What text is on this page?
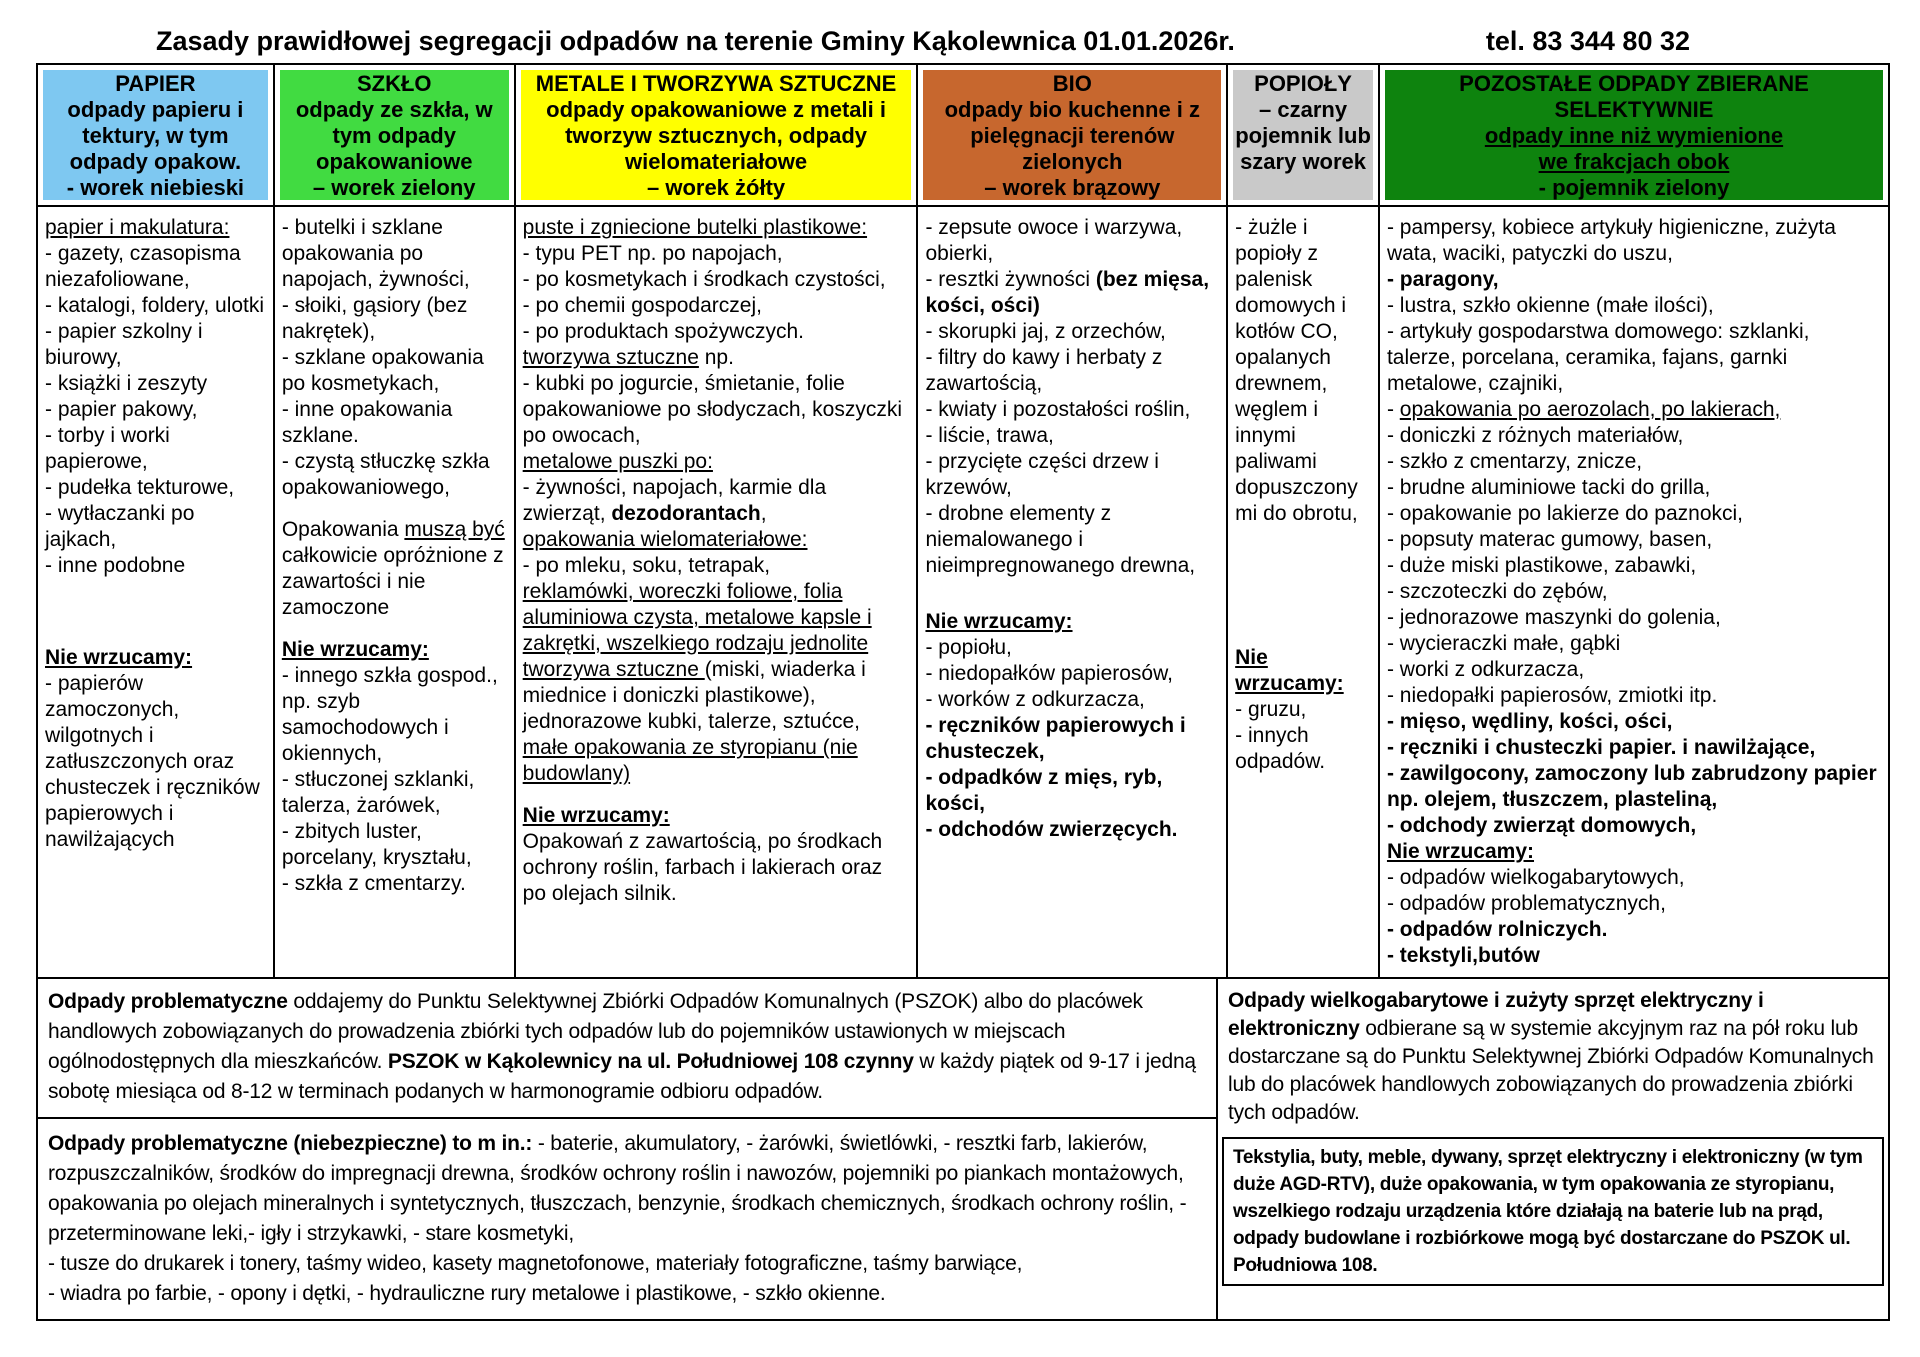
Zasady prawidłowej segregacji odpadów na terenie Gminy Kąkolewnica 01.01.2026r.	tel. 83 344 80 32
PAPIER
odpady papieru i tektury, w tym odpady opakow.
- worek niebieski
SZKŁO
odpady ze szkła, w tym odpady opakowaniowe
– worek zielony
METALE I TWORZYWA SZTUCZNE
odpady opakowaniowe z metali i tworzyw sztucznych, odpady wielomateriałowe
– worek żółty
BIO
odpady bio kuchenne i z pielęgnacji terenów zielonych
– worek brązowy
POPIOŁY
– czarny pojemnik lub szary worek
POZOSTAŁE ODPADY ZBIERANE
SELEKTYWNIE
odpady inne niż wymienione
we frakcjach obok
- pojemnik zielony
papier i makulatura:
- gazety, czasopisma niezafoliowane,
- katalogi, foldery, ulotki
- papier szkolny i biurowy,
- książki i zeszyty
- papier pakowy,
- torby i worki papierowe,
- pudełka tekturowe,
- wytłaczanki po jajkach,
- inne podobne
Nie wrzucamy:
- papierów zamoczonych, wilgotnych i zatłuszczonych oraz chusteczek i ręczników papierowych i nawilżających
- butelki i szklane opakowania po napojach, żywności,
- słoiki, gąsiory (bez nakrętek),
- szklane opakowania po kosmetykach,
- inne opakowania szklane.
- czystą stłuczkę szkła opakowaniowego,
Opakowania muszą być całkowicie opróżnione z zawartości i nie zamoczone
Nie wrzucamy:
- innego szkła gospod., np. szyb samochodowych i okiennych,
- stłuczonej szklanki, talerza, żarówek,
- zbitych luster, porcelany, kryształu,
- szkła z cmentarzy.
puste i zgniecione butelki plastikowe:
- typu PET np. po napojach,
- po kosmetykach i środkach czystości,
- po chemii gospodarczej,
- po produktach spożywczych.
tworzywa sztuczne np.
- kubki po jogurcie, śmietanie, folie opakowaniowe po słodyczach, koszyczki po owocach,
metalowe puszki po:
- żywności, napojach, karmie dla zwierząt, dezodorantach,
opakowania wielomateriałowe:
- po mleku, soku, tetrapak,
reklamówki, woreczki foliowe, folia aluminiowa czysta, metalowe kapsle i zakrętki, wszelkiego rodzaju jednolite tworzywa sztuczne (miski, wiaderka i miednice i doniczki plastikowe), jednorazowe kubki, talerze, sztućce, małe opakowania ze styropianu (nie budowlany)
Nie wrzucamy:
Opakowań z zawartością, po środkach ochrony roślin, farbach i lakierach oraz po olejach silnik.
- zepsute owoce i warzywa, obierki,
- resztki żywności (bez mięsa, kości, ości)
- skorupki jaj, z orzechów,
- filtry do kawy i herbaty z zawartością,
- kwiaty i pozostałości roślin,
- liście, trawa,
- przycięte części drzew i krzewów,
- drobne elementy z niemalowanego i nieimpregnowanego drewna,
Nie wrzucamy:
- popiołu,
- niedopałków papierosów,
- worków z odkurzacza,
- ręczników papierowych i chusteczek,
- odpadków z mięs, ryb, kości,
- odchodów zwierzęcych.
- żużle i popioły z palenisk domowych i kotłów CO, opalanych drewnem, węglem i innymi paliwami dopuszczonymi do obrotu,
Nie wrzucamy:
- gruzu,
- innych odpadów.
- pampersy, kobiece artykuły higieniczne, zużyta wata, waciki, patyczki do uszu,
- paragony,
- lustra, szkło okienne (małe ilości),
- artykuły gospodarstwa domowego: szklanki, talerze, porcelana, ceramika, fajans, garnki metalowe, czajniki,
- opakowania po aerozolach, po lakierach,
- doniczki z różnych materiałów,
- szkło z cmentarzy, znicze,
- brudne aluminiowe tacki do grilla,
- opakowanie po lakierze do paznokci,
- popsuty materac gumowy, basen,
- duże miski plastikowe, zabawki,
- szczoteczki do zębów,
- jednorazowe maszynki do golenia,
- wycieraczki małe, gąbki
- worki z odkurzacza,
- niedopałki papierosów, zmiotki itp.
- mięso, wędliny, kości, ości,
- ręczniki i chusteczki papier. i nawilżające,
- zawilgocony, zamoczony lub zabrudzony papier np. olejem, tłuszczem, plasteliną,
- odchody zwierząt domowych,
Nie wrzucamy:
- odpadów wielkogabarytowych,
- odpadów problematycznych,
- odpadów rolniczych.
- tekstyli,butów
Odpady problematyczne oddajemy do Punktu Selektywnej Zbiórki Odpadów Komunalnych (PSZOK) albo do placówek handlowych zobowiązanych do prowadzenia zbiórki tych odpadów lub do pojemników ustawionych w miejscach ogólnodostępnych dla mieszkańców. PSZOK w Kąkolewnicy na ul. Południowej 108 czynny w każdy piątek od 9-17 i jedną sobotę miesiąca od 8-12 w terminach podanych w harmonogramie odbioru odpadów.
Odpady problematyczne (niebezpieczne) to m in.: - baterie, akumulatory, - żarówki, świetlówki, - resztki farb, lakierów, rozpuszczalników, środków do impregnacji drewna, środków ochrony roślin i nawozów, pojemniki po piankach montażowych, opakowania po olejach mineralnych i syntetycznych, tłuszczach, benzynie, środkach chemicznych, środkach ochrony roślin, - przeterminowane leki,- igły i strzykawki, - stare kosmetyki,
- tusze do drukarek i tonery, taśmy wideo, kasety magnetofonowe, materiały fotograficzne, taśmy barwiące,
- wiadra po farbie, - opony i dętki, - hydrauliczne rury metalowe i plastikowe, - szkło okienne.
Odpady wielkogabarytowe i zużyty sprzęt elektryczny i elektroniczny odbierane są w systemie akcyjnym raz na pół roku lub dostarczane są do Punktu Selektywnej Zbiórki Odpadów Komunalnych lub do placówek handlowych zobowiązanych do prowadzenia zbiórki tych odpadów.
Tekstylia, buty, meble, dywany, sprzęt elektryczny i elektroniczny (w tym duże AGD-RTV), duże opakowania, w tym opakowania ze styropianu, wszelkiego rodzaju urządzenia które działają na baterie lub na prąd, odpady budowlane i rozbiórkowe mogą być dostarczane do PSZOK ul. Południowa 108.
